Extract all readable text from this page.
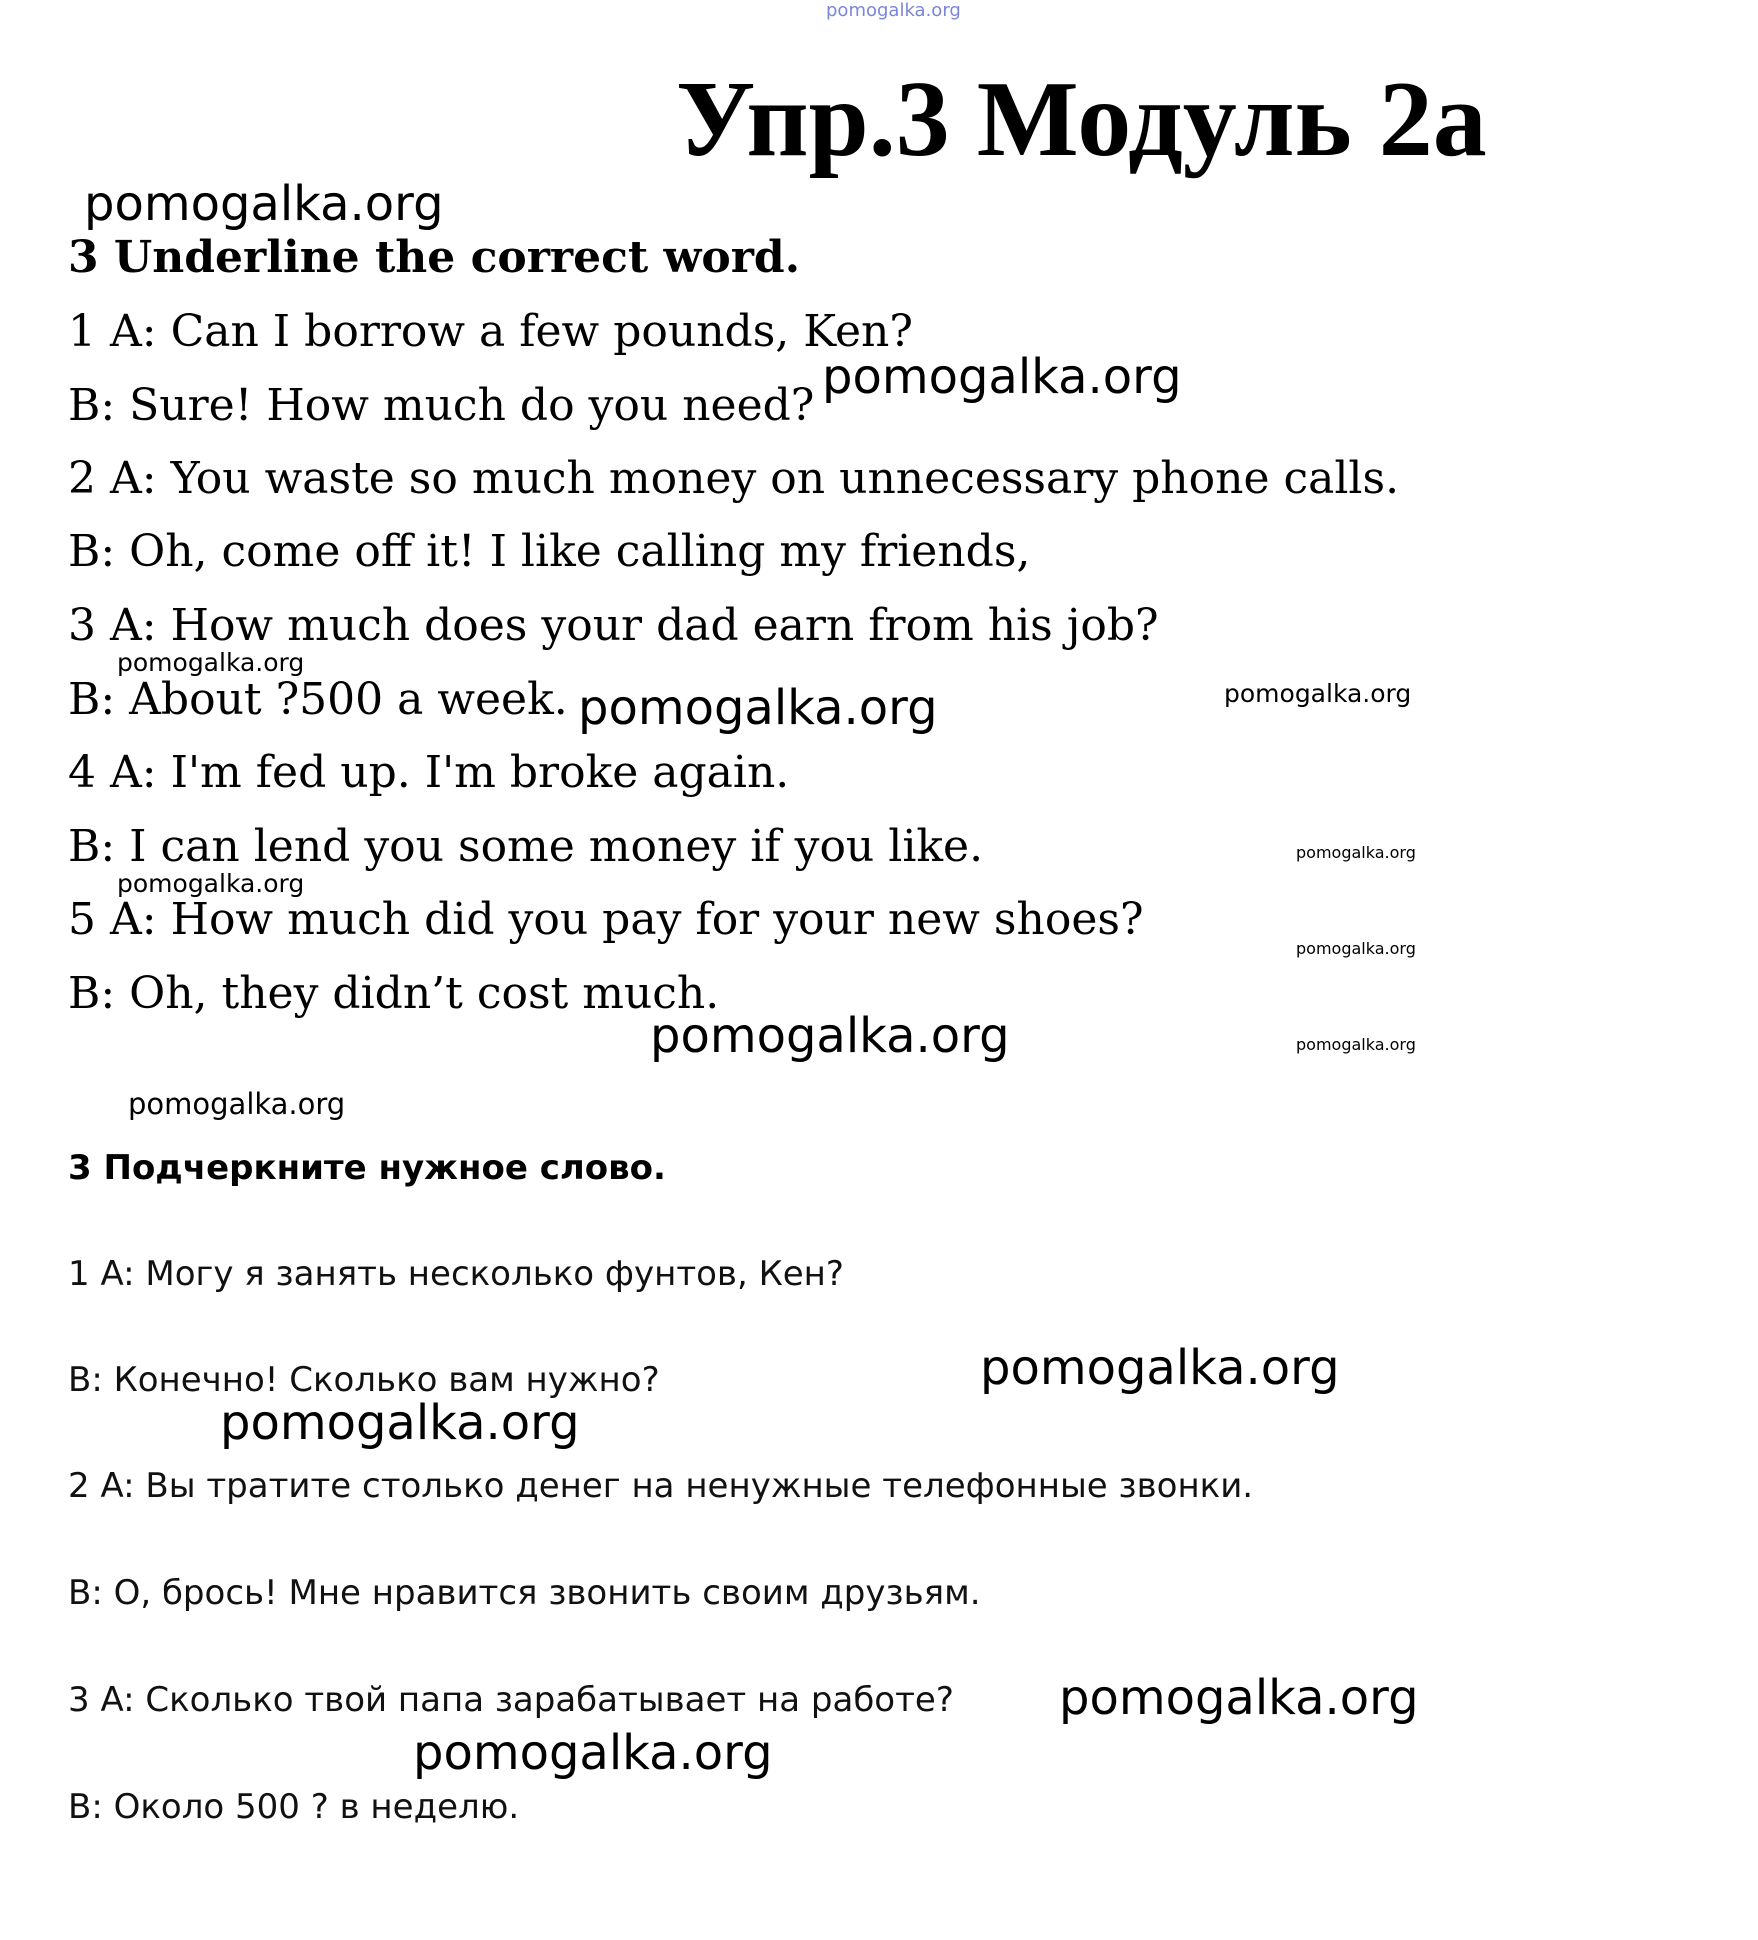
pomogalka.org
Упр.3 Модуль 2а
pomogalka.org
3 Underline the correct word.
1 A: Can I borrow a few pounds, Ken?
pomogalka.org
B: Sure! How much do you need?
2 A: You waste so much money on unnecessary phone calls.
B: Oh, come off it! I like calling my friends,
3 A: How much does your dad earn from his job?
pomogalka.org
B: About ?500 a week. pomogalka.org	pomogalka.org
4 A: I'm fed up. I'm broke again.
B: I can lend you some money if you like.	pomogalka.org
pomogalka.org
5 A: How much did you pay for your new shoes?
pomogalka.org
B: Oh, they didn’t cost much.
pomogalka.org	pomogalka.org
pomogalka.org
3 Подчеркните нужное слово.
1 A: Могу я занять несколько фунтов, Кен?
pomogalka.org
B: Конечно! Сколько вам нужно?
pomogalka.org
2 A: Вы тратите столько денег на ненужные телефонные звонки.
B: О, брось! Мне нравится звонить своим друзьям.
pomogalka.org
3 A: Сколько твой папа зарабатывает на работе?
pomogalka.org
B: Около 500 ? в неделю.
